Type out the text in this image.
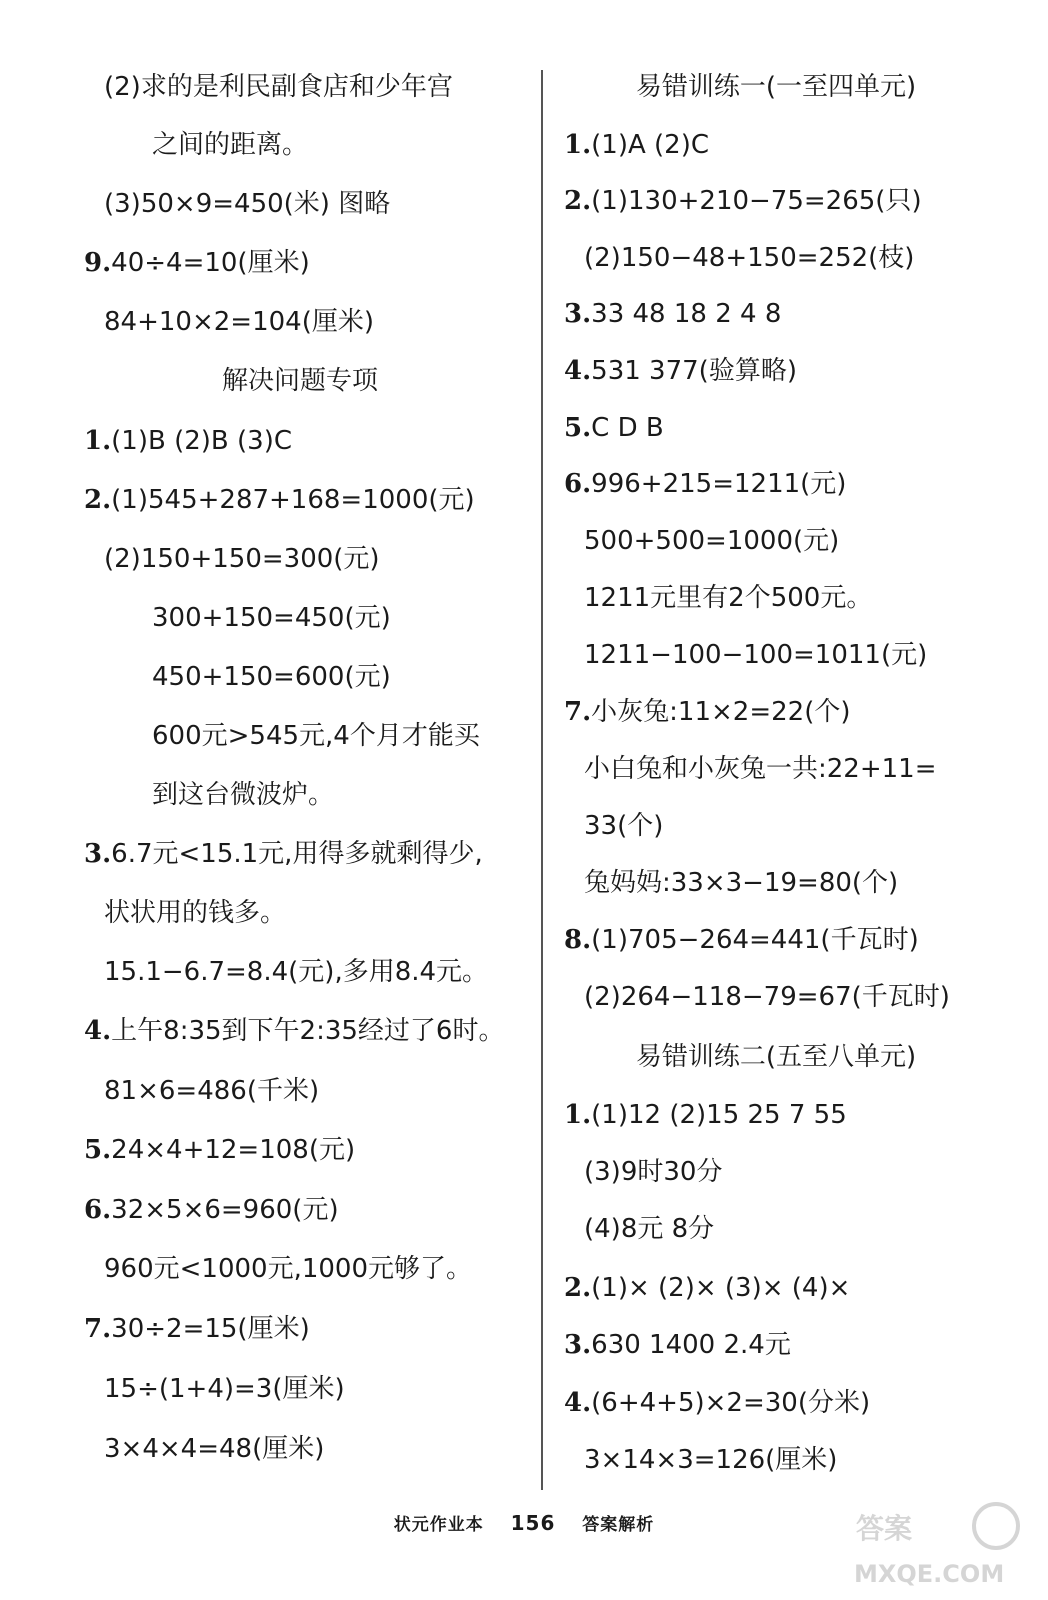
(2)求的是利民副食店和少年宫
之间的距离。
(3)50×9=450(米) 图略
9.40÷4=10(厘米)
84+10×2=104(厘米)
解决问题专项
1.(1)B (2)B (3)C
2.(1)545+287+168=1000(元)
(2)150+150=300(元)
300+150=450(元)
450+150=600(元)
600元>545元,4个月才能买
到这台微波炉。
3.6.7元<15.1元,用得多就剩得少,
状状用的钱多。
15.1−6.7=8.4(元),多用8.4元。
4.上午8:35到下午2:35经过了6时。
81×6=486(千米)
5.24×4+12=108(元)
6.32×5×6=960(元)
960元<1000元,1000元够了。
7.30÷2=15(厘米)
15÷(1+4)=3(厘米)
3×4×4=48(厘米)
易错训练一(一至四单元)
1.(1)A (2)C
2.(1)130+210−75=265(只)
(2)150−48+150=252(枝)
3.33 48 18 2 4 8
4.531 377(验算略)
5.C D B
6.996+215=1211(元)
500+500=1000(元)
1211元里有2个500元。
1211−100−100=1011(元)
7.小灰兔:11×2=22(个)
小白兔和小灰兔一共:22+11=
33(个)
兔妈妈:33×3−19=80(个)
8.(1)705−264=441(千瓦时)
(2)264−118−79=67(千瓦时)
易错训练二(五至八单元)
1.(1)12 (2)15 25 7 55
(3)9时30分
(4)8元 8分
2.(1)× (2)× (3)× (4)×
3.630 1400 2.4元
4.(6+4+5)×2=30(分米)
3×14×3=126(厘米)
状元作业本 156 答案解析	答案
MXQE.COM
